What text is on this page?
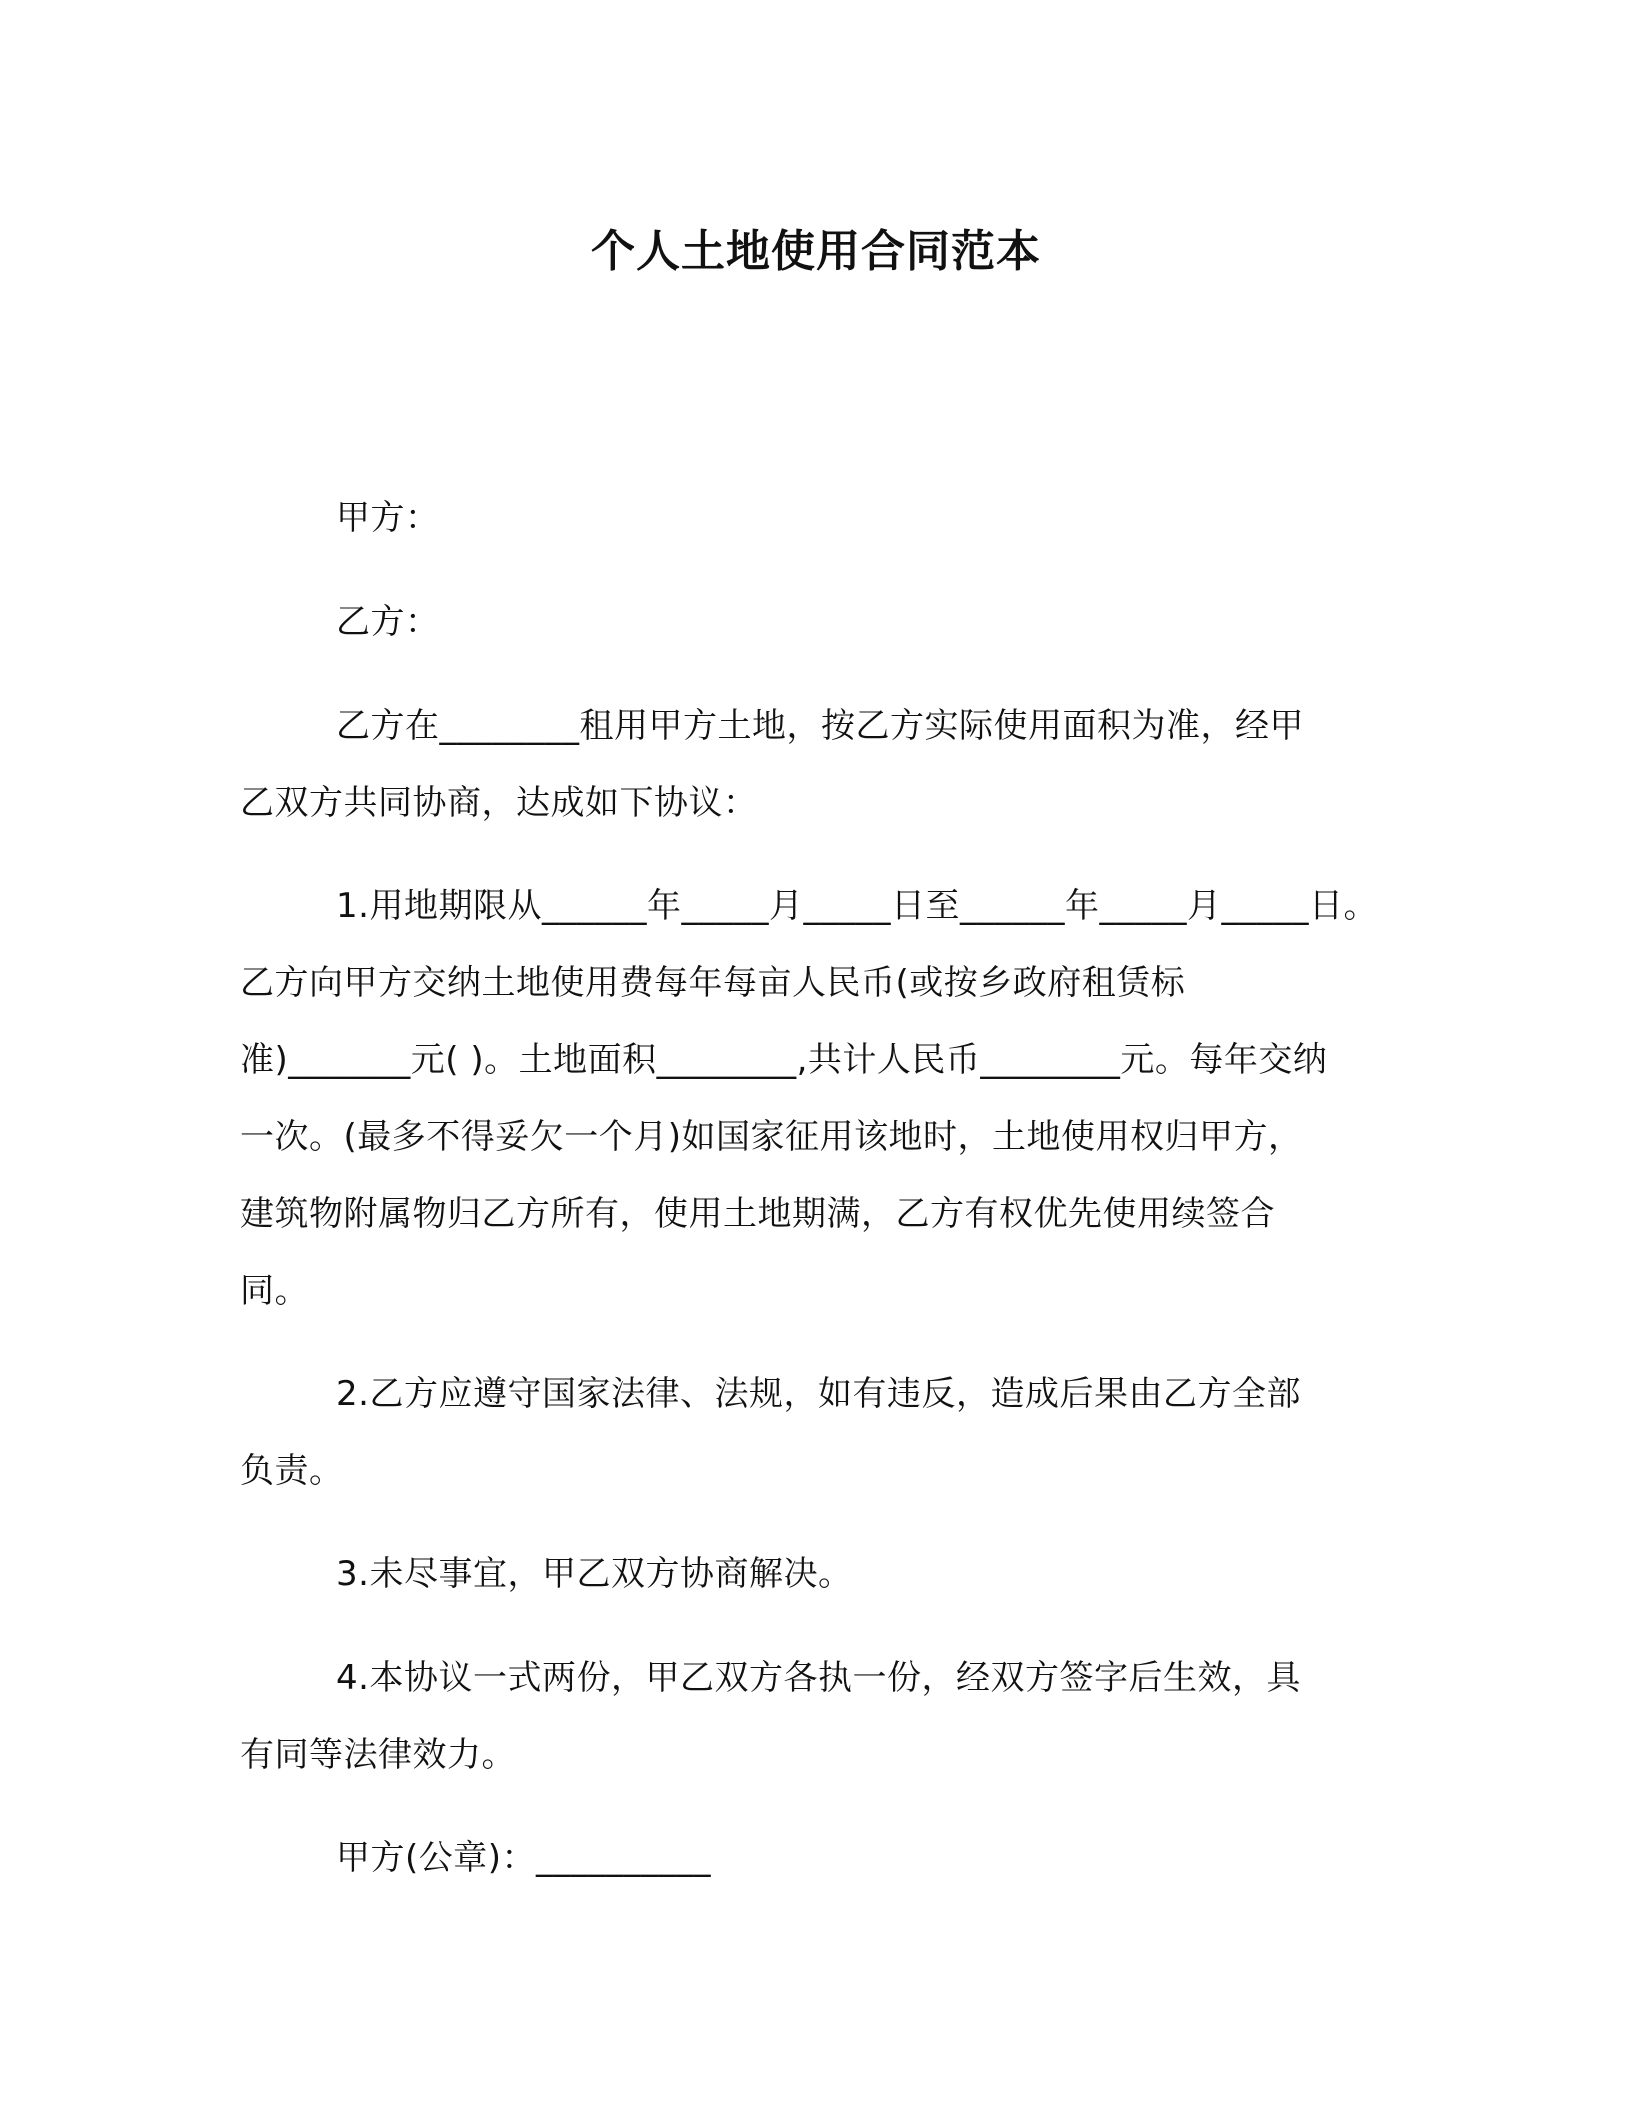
个人土地使用合同范本
甲方：
乙方：
乙方在________租用甲方土地，按乙方实际使用面积为准，经甲
乙双方共同协商，达成如下协议：
1.用地期限从______年_____月_____日至______年_____月_____日。
乙方向甲方交纳土地使用费每年每亩人民币(或按乡政府租赁标
准)_______元( )。土地面积________,共计人民币________元。每年交纳
一次。(最多不得妥欠一个月)如国家征用该地时，土地使用权归甲方，
建筑物附属物归乙方所有，使用土地期满，乙方有权优先使用续签合
同。
2.乙方应遵守国家法律、法规，如有违反，造成后果由乙方全部
负责。
3.未尽事宜，甲乙双方协商解决。
4.本协议一式两份，甲乙双方各执一份，经双方签字后生效，具
有同等法律效力。
甲方(公章)：__________
